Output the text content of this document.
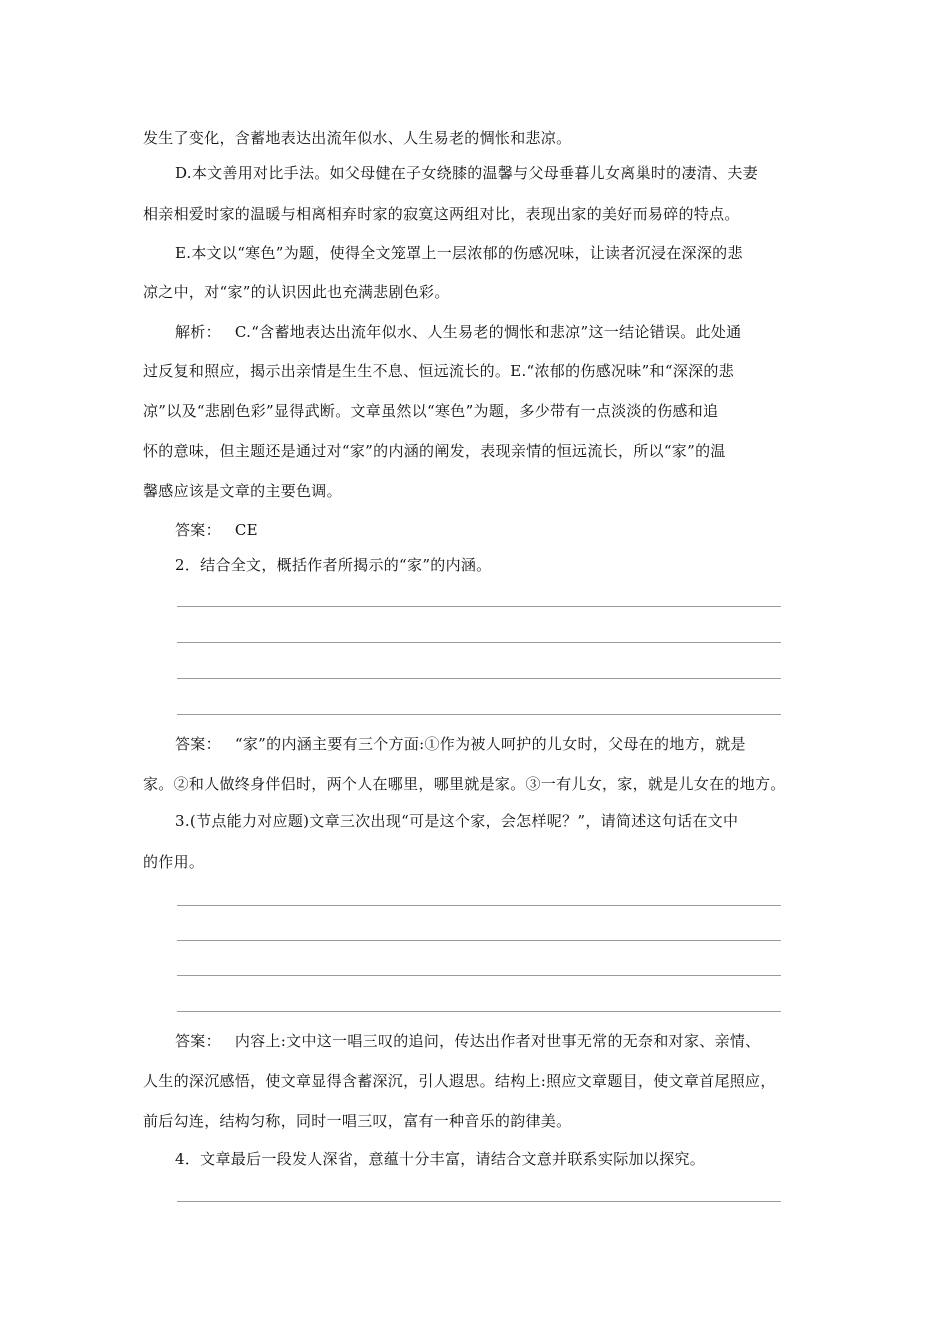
发生了变化，含蓄地表达出流年似水、人生易老的惆怅和悲凉。
D.本文善用对比手法。如父母健在子女绕膝的温馨与父母垂暮儿女离巢时的凄清、夫妻
相亲相爱时家的温暖与相离相弃时家的寂寞这两组对比，表现出家的美好而易碎的特点。
E.本文以“寒色”为题，使得全文笼罩上一层浓郁的伤感况味，让读者沉浸在深深的悲
凉之中，对“家”的认识因此也充满悲剧色彩。
解析： C.“含蓄地表达出流年似水、人生易老的惆怅和悲凉”这一结论错误。此处通
过反复和照应，揭示出亲情是生生不息、恒远流长的。E.“浓郁的伤感况味”和“深深的悲
凉”以及“悲剧色彩”显得武断。文章虽然以“寒色”为题，多少带有一点淡淡的伤感和追
怀的意味，但主题还是通过对“家”的内涵的阐发，表现亲情的恒远流长，所以“家”的温
馨感应该是文章的主要色调。
答案： CE
2．结合全文，概括作者所揭示的“家”的内涵。
答案： “家”的内涵主要有三个方面:①作为被人呵护的儿女时，父母在的地方，就是
家。②和人做终身伴侣时，两个人在哪里，哪里就是家。③一有儿女，家，就是儿女在的地方。
3.(节点能力对应题)文章三次出现“可是这个家，会怎样呢？”，请简述这句话在文中
的作用。
答案： 内容上:文中这一唱三叹的追问，传达出作者对世事无常的无奈和对家、亲情、
人生的深沉感悟，使文章显得含蓄深沉，引人遐思。结构上:照应文章题目，使文章首尾照应，
前后勾连，结构匀称，同时一唱三叹，富有一种音乐的韵律美。
4．文章最后一段发人深省，意蕴十分丰富，请结合文意并联系实际加以探究。
